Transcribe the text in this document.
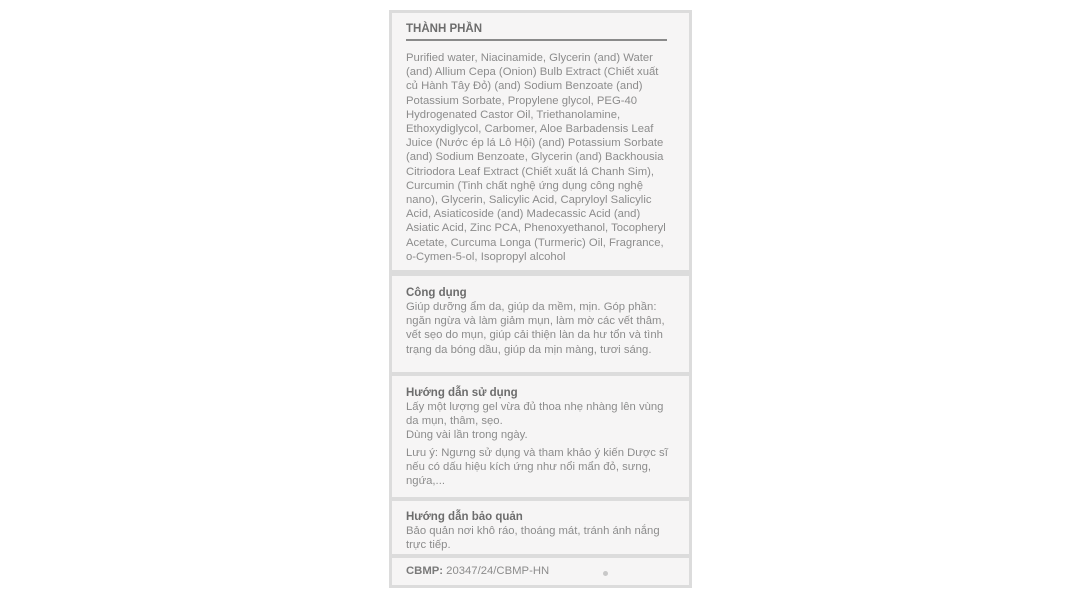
THÀNH PHẦN
Purified water, Niacinamide, Glycerin (and) Water
(and) Allium Cepa (Onion) Bulb Extract (Chiết xuất
củ Hành Tây Đỏ) (and) Sodium Benzoate (and)
Potassium Sorbate, Propylene glycol, PEG-40
Hydrogenated Castor Oil, Triethanolamine,
Ethoxydiglycol, Carbomer, Aloe Barbadensis Leaf
Juice (Nước ép lá Lô Hội) (and) Potassium Sorbate
(and) Sodium Benzoate, Glycerin (and) Backhousia
Citriodora Leaf Extract (Chiết xuất lá Chanh Sim),
Curcumin (Tinh chất nghệ ứng dụng công nghệ
nano), Glycerin, Salicylic Acid, Capryloyl Salicylic
Acid, Asiaticoside (and) Madecassic Acid (and)
Asiatic Acid, Zinc PCA, Phenoxyethanol, Tocopheryl
Acetate, Curcuma Longa (Turmeric) Oil, Fragrance,
o-Cymen-5-ol, Isopropyl alcohol
Công dụng
Giúp dưỡng ẩm da, giúp da mềm, mịn. Góp phần:
ngăn ngừa và làm giảm mụn, làm mờ các vết thâm,
vết sẹo do mụn, giúp cải thiện làn da hư tổn và tình
trạng da bóng dầu, giúp da mịn màng, tươi sáng.
Hướng dẫn sử dụng
Lấy một lượng gel vừa đủ thoa nhẹ nhàng lên vùng
da mụn, thâm, sẹo.
Dùng vài lần trong ngày.
Lưu ý: Ngưng sử dụng và tham khảo ý kiến Dược sĩ
nếu có dấu hiệu kích ứng như nổi mẩn đỏ, sưng,
ngứa,...
Hướng dẫn bảo quản
Bảo quản nơi khô ráo, thoáng mát, tránh ánh nắng
trực tiếp.
CBMP: 20347/24/CBMP-HN
